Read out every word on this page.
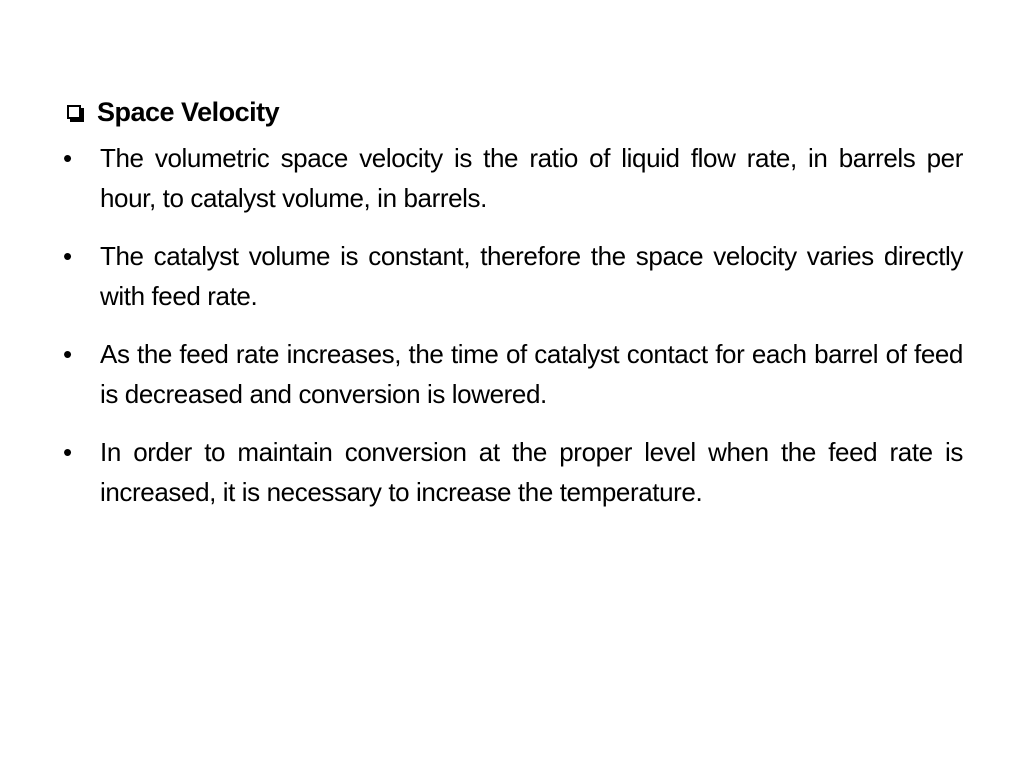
Space Velocity
•	The volumetric space velocity is the ratio of liquid flow rate, in barrels per hour, to catalyst volume, in barrels.
•	The catalyst volume is constant, therefore the space velocity varies directly with feed rate.
•	As the feed rate increases, the time of catalyst contact for each barrel of feed is decreased and conversion is lowered.
•	In order to maintain conversion at the proper level when the feed rate is increased, it is necessary to increase the temperature.
